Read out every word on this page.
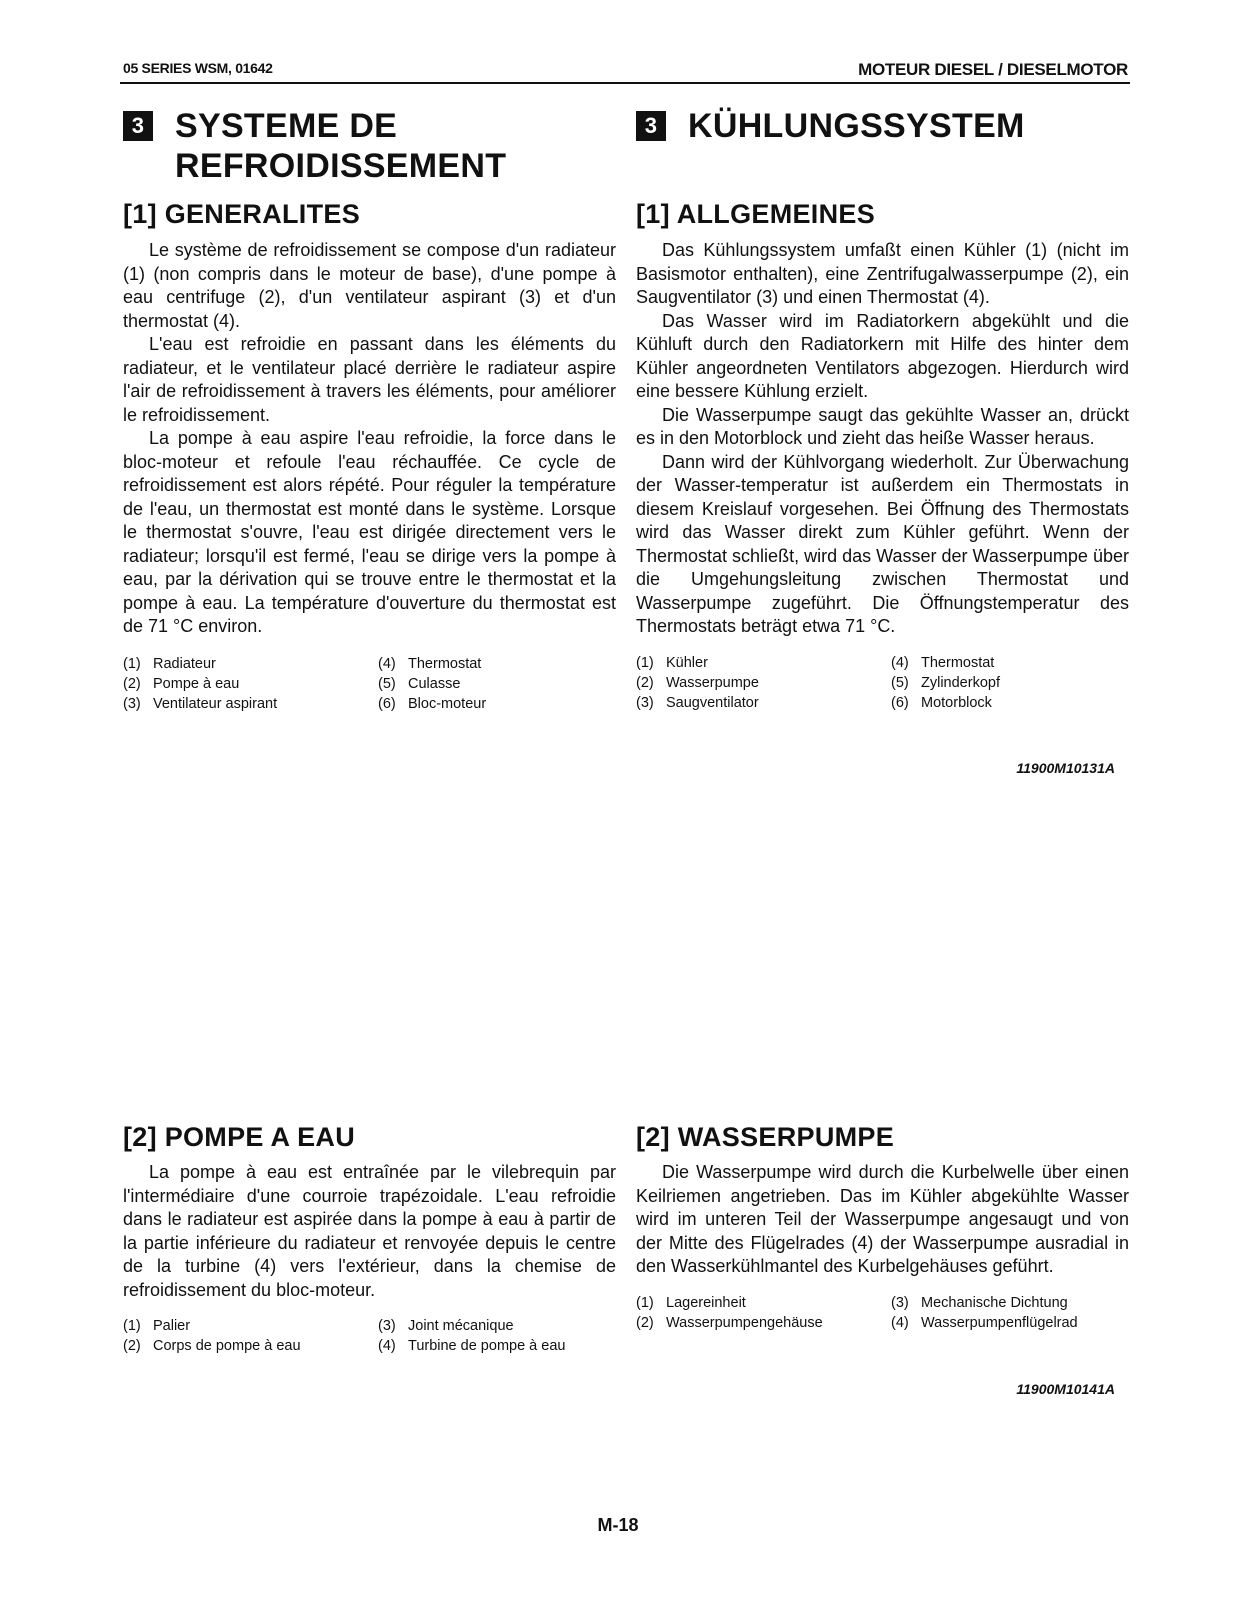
05 SERIES WSM, 01642	MOTEUR DIESEL / DIESELMOTOR
3 SYSTEME DE REFROIDISSEMENT
[1] GENERALITES

Le système de refroidissement se compose d'un radiateur (1) (non compris dans le moteur de base), d'une pompe à eau centrifuge (2), d'un ventilateur aspirant (3) et d'un thermostat (4).

L'eau est refroidie en passant dans les éléments du radiateur, et le ventilateur placé derrière le radiateur aspire l'air de refroidissement à travers les éléments, pour améliorer le refroidissement.

La pompe à eau aspire l'eau refroidie, la force dans le bloc-moteur et refoule l'eau réchauffée. Ce cycle de refroidissement est alors répété. Pour réguler la température de l'eau, un thermostat est monté dans le système. Lorsque le thermostat s'ouvre, l'eau est dirigée directement vers le radiateur; lorsqu'il est fermé, l'eau se dirige vers la pompe à eau, par la dérivation qui se trouve entre le thermostat et la pompe à eau. La température d'ouverture du thermostat est de 71 °C environ.

(1) Radiateur	(4) Thermostat
(2) Pompe à eau	(5) Culasse
(3) Ventilateur aspirant	(6) Bloc-moteur
3 KÜHLUNGSSYSTEM
[1] ALLGEMEINES

Das Kühlungssystem umfaßt einen Kühler (1) (nicht im Basismotor enthalten), eine Zentrifugalwasserpumpe (2), ein Saugventilator (3) und einen Thermostat (4).

Das Wasser wird im Radiatorkern abgekühlt und die Kühluft durch den Radiatorkern mit Hilfe des hinter dem Kühler angeordneten Ventilators abgezogen. Hierdurch wird eine bessere Kühlung erzielt.

Die Wasserpumpe saugt das gekühlte Wasser an, drückt es in den Motorblock und zieht das heiße Wasser heraus.

Dann wird der Kühlvorgang wiederholt. Zur Überwachung der Wasser-temperatur ist außerdem ein Thermostats in diesem Kreislauf vorgesehen. Bei Öffnung des Thermostats wird das Wasser direkt zum Kühler geführt. Wenn der Thermostat schließt, wird das Wasser der Wasserpumpe über die Umgehungsleitung zwischen Thermostat und Wasserpumpe zugeführt. Die Öffnungstemperatur des Thermostats beträgt etwa 71 °C.

(1) Kühler	(4) Thermostat
(2) Wasserpumpe	(5) Zylinderkopf
(3) Saugventilator	(6) Motorblock
11900M10131A
[2] POMPE A EAU

La pompe à eau est entraînée par le vilebrequin par l'intermédiaire d'une courroie trapézoidale. L'eau refroidie dans le radiateur est aspirée dans la pompe à eau à partir de la partie inférieure du radiateur et renvoyée depuis le centre de la turbine (4) vers l'extérieur, dans la chemise de refroidissement du bloc-moteur.

(1) Palier	(3) Joint mécanique
(2) Corps de pompe à eau	(4) Turbine de pompe à eau
[2] WASSERPUMPE

Die Wasserpumpe wird durch die Kurbelwelle über einen Keilriemen angetrieben. Das im Kühler abgekühlte Wasser wird im unteren Teil der Wasserpumpe angesaugt und von der Mitte des Flügelrades (4) der Wasserpumpe ausradial in den Wasserkühlmantel des Kurbelgehäuses geführt.

(1) Lagereinheit	(3) Mechanische Dichtung
(2) Wasserpumpengehäuse	(4) Wasserpumpenflügelrad
11900M10141A
M-18
